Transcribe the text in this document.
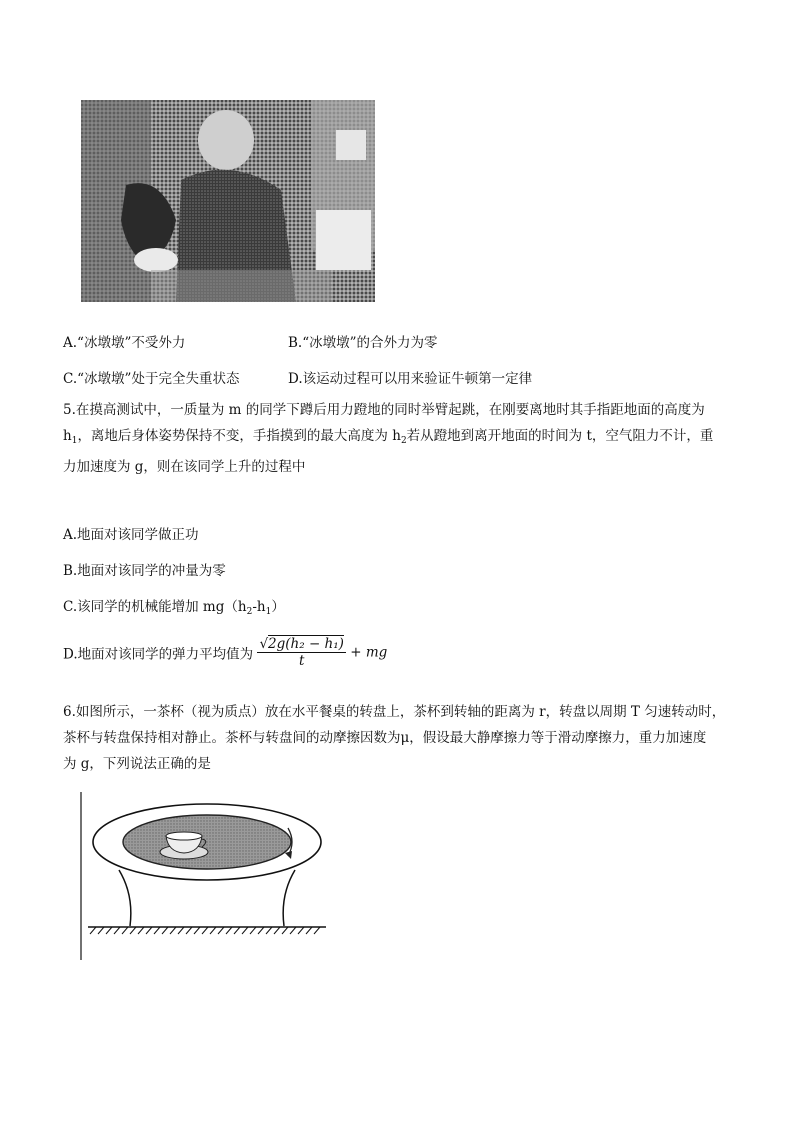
A.“冰墩墩”不受外力	B.“冰墩墩”的合外力为零
C.“冰墩墩”处于完全失重状态	D.该运动过程可以用来验证牛顿第一定律
5.在摸高测试中，一质量为 m 的同学下蹲后用力蹬地的同时举臂起跳，在刚要离地时其手指距地面的高度为
$h_1$，离地后身体姿势保持不变，手指摸到的最大高度为 $h_2$若从蹬地到离开地面的时间为 t，空气阻力不计，重
力加速度为 g，则在该同学上升的过程中
A.地面对该同学做正功
B.地面对该同学的冲量为零
C.该同学的机械能增加 $mg(h_2-h_1)$
D.地面对该同学的弹力平均值为 $\frac{\text{√2g(h₂ − h₁)}}{t}$ + mg
6.如图所示，一茶杯（视为质点）放在水平餐桌的转盘上，茶杯到转轴的距离为 r，转盘以周期 T 匀速转动时，
茶杯与转盘保持相对静止。茶杯与转盘间的动摩擦因数为μ，假设最大静摩擦力等于滑动摩擦力，重力加速度
为 g，下列说法正确的是
